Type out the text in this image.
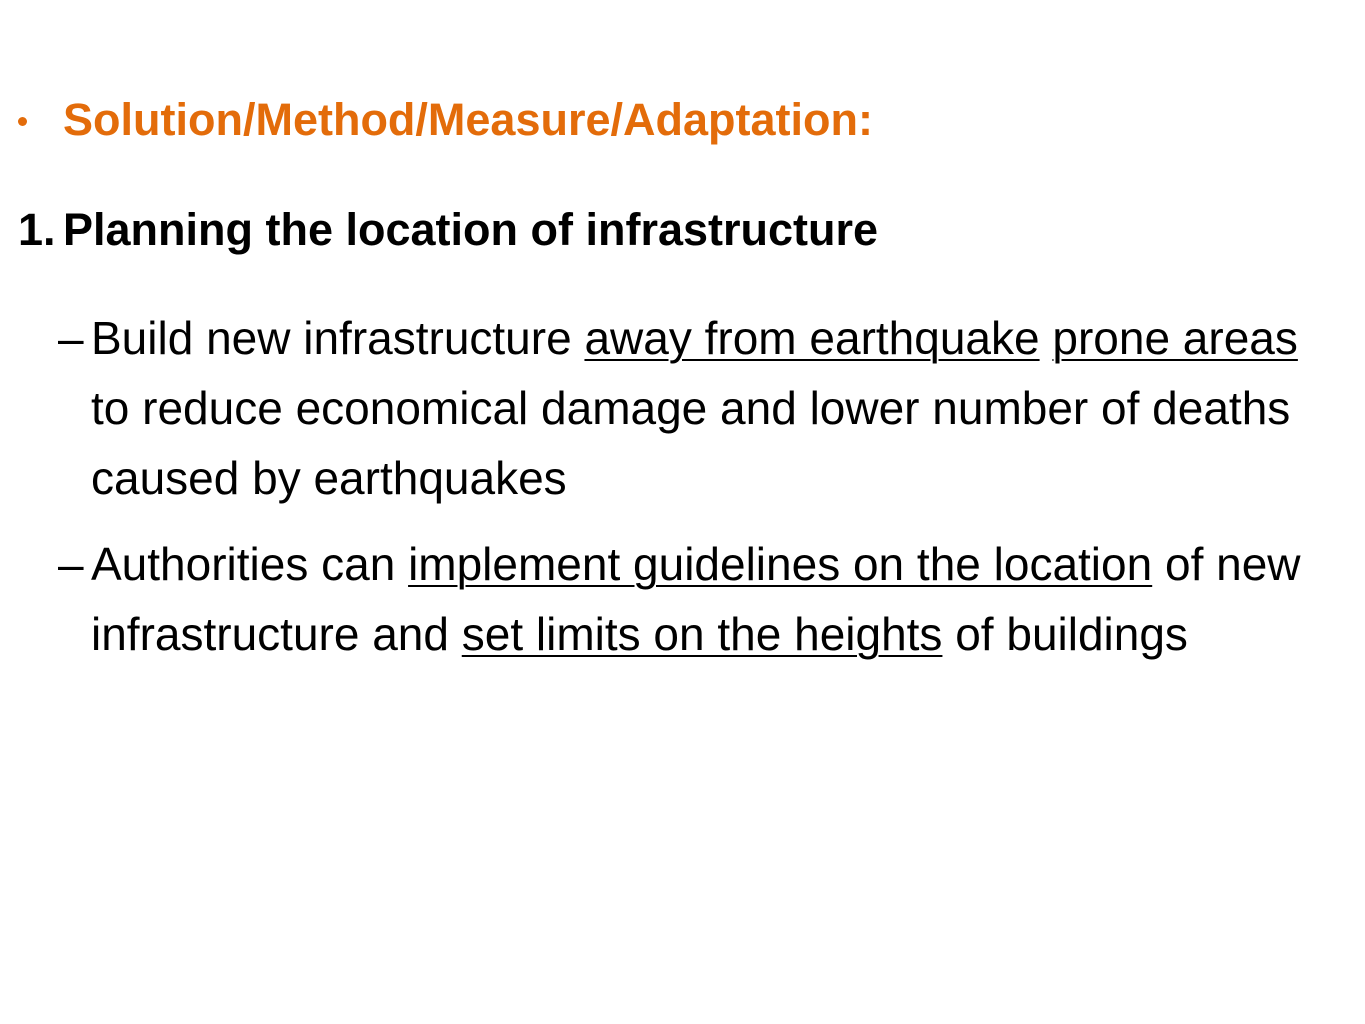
Solution/Method/Measure/Adaptation:
1. Planning the location of infrastructure
– Build new infrastructure away from earthquake prone areas to reduce economical damage and lower number of deaths caused by earthquakes
– Authorities can implement guidelines on the location of new infrastructure and set limits on the heights of buildings
